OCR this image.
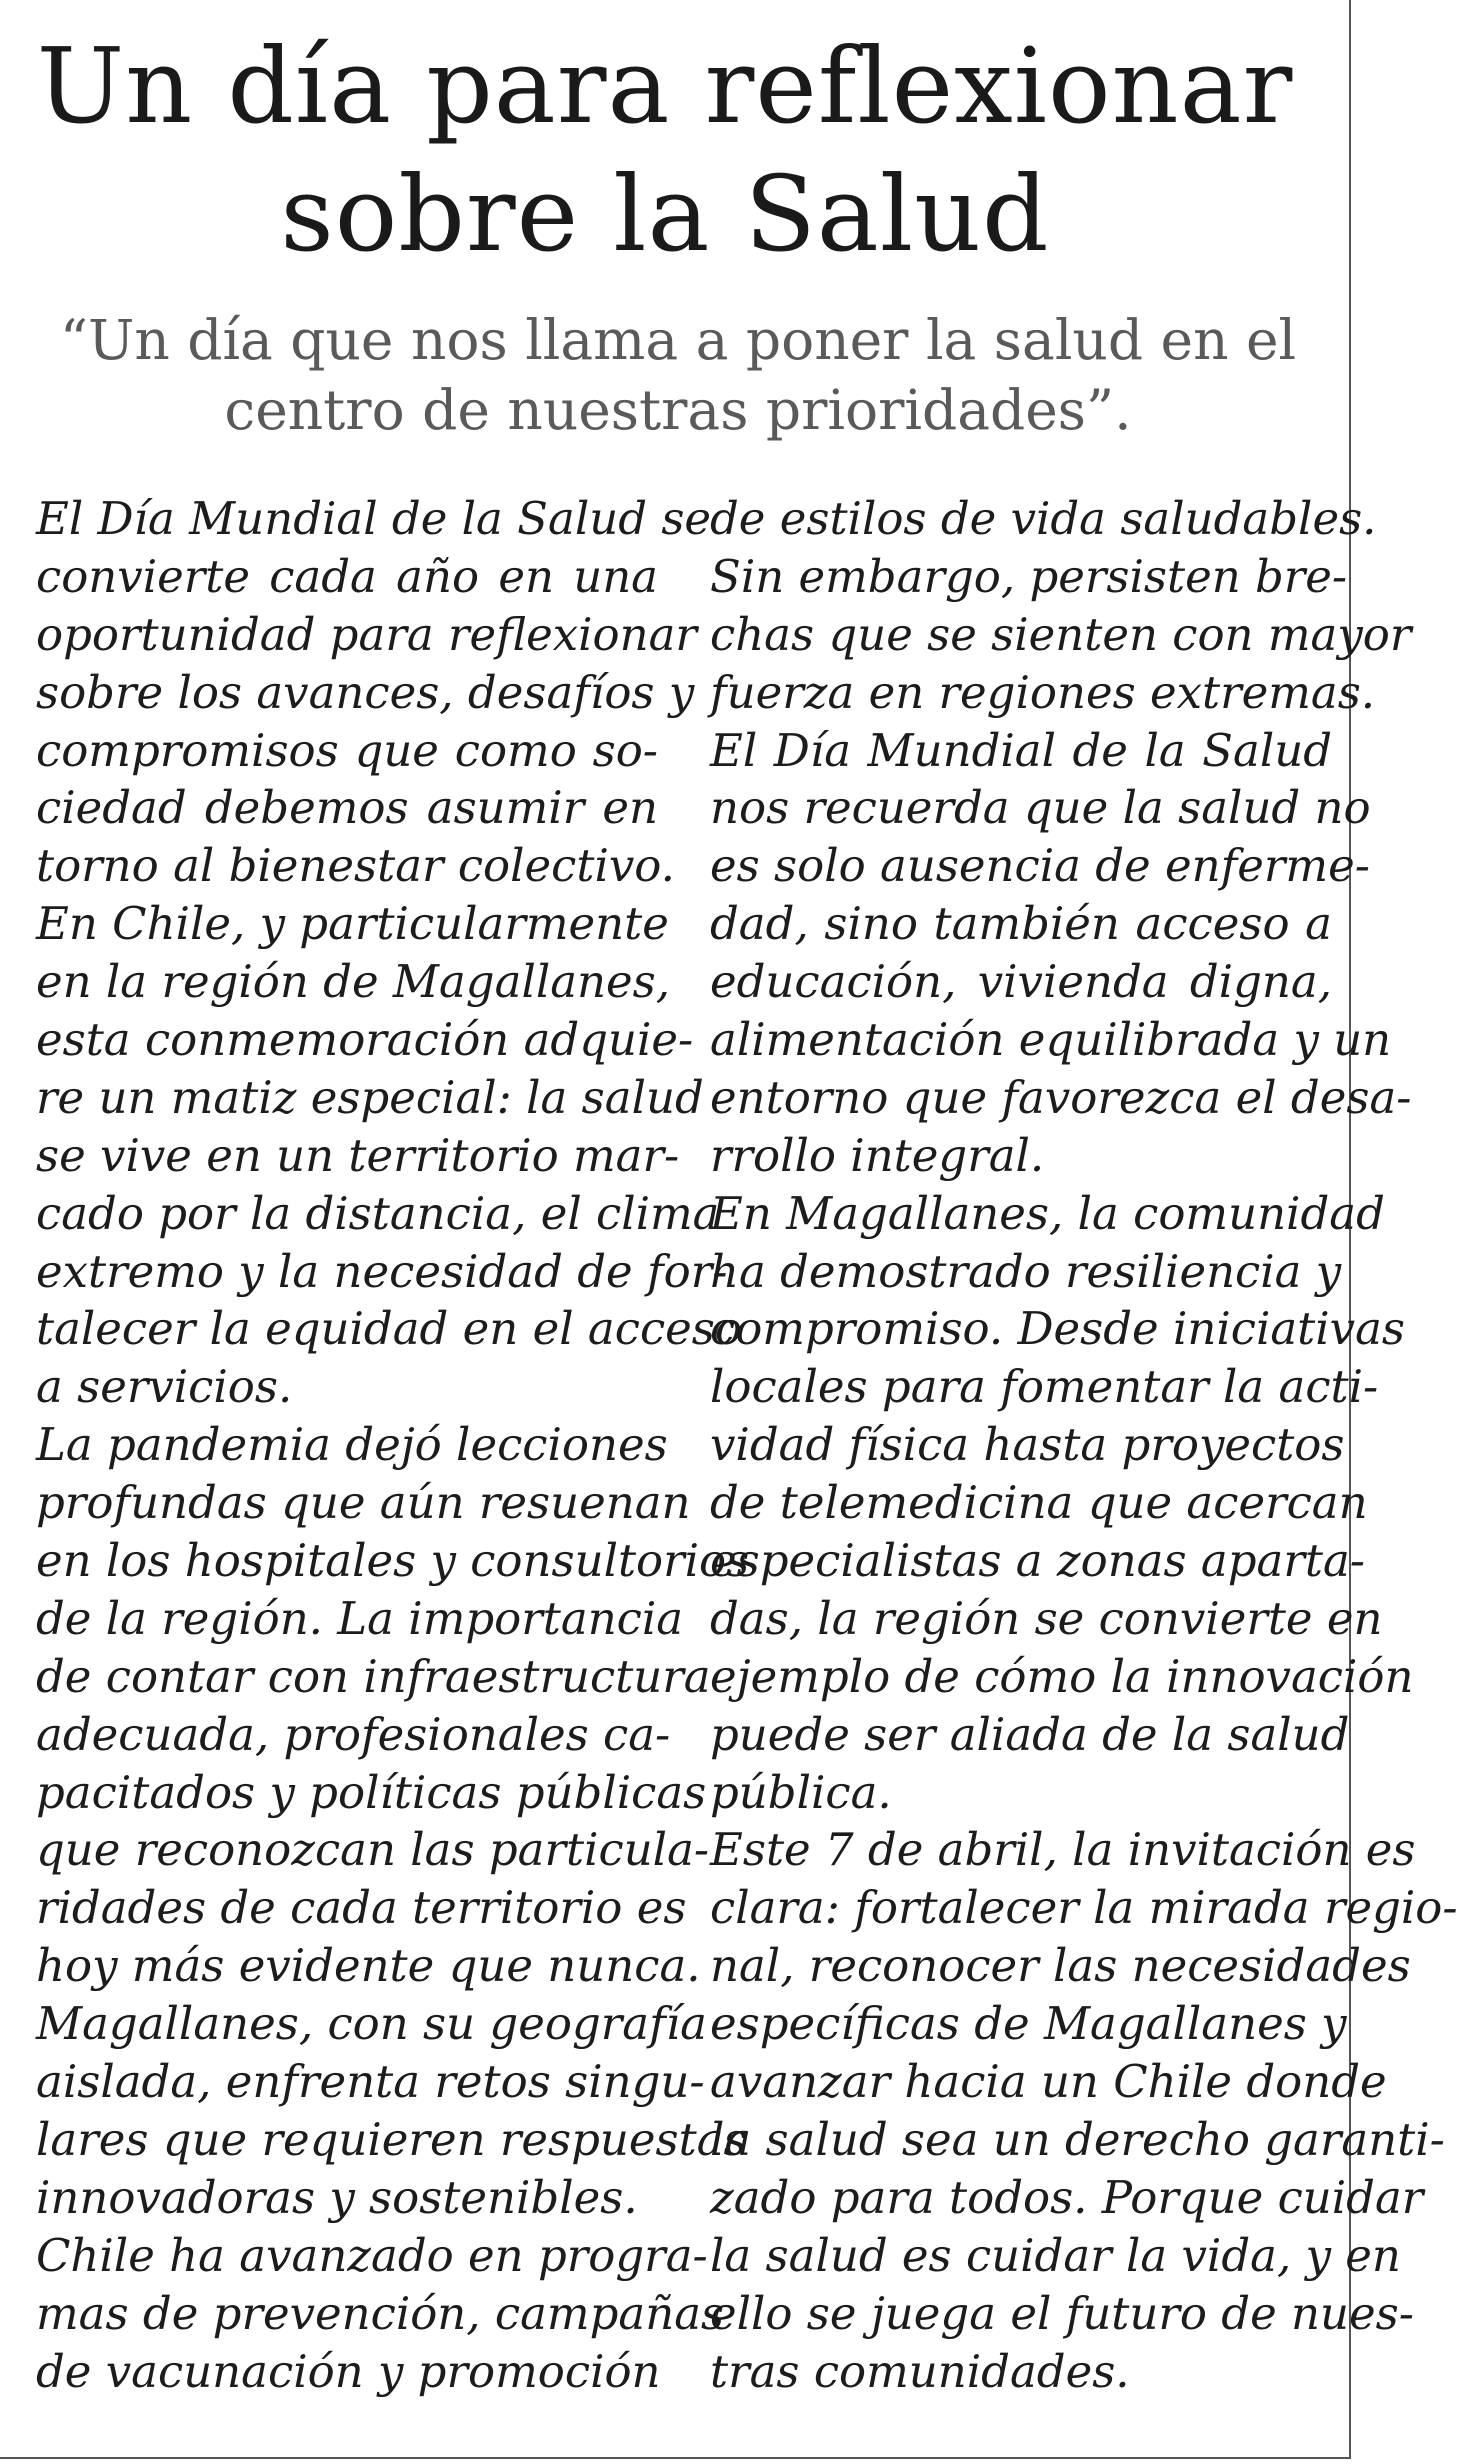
Un día para reflexionar
sobre la Salud

“Un día que nos llama a poner la salud en el
centro de nuestras prioridades”.

El Día Mundial de la Salud se
convierte cada año en una
oportunidad para reflexionar
sobre los avances, desafíos y
compromisos que como so-
ciedad debemos asumir en
torno al bienestar colectivo.
En Chile, y particularmente
en la región de Magallanes,
esta conmemoración adquie-
re un matiz especial: la salud
se vive en un territorio mar-
cado por la distancia, el clima
extremo y la necesidad de for-
talecer la equidad en el acceso
a servicios.
La pandemia dejó lecciones
profundas que aún resuenan
en los hospitales y consultorios
de la región. La importancia
de contar con infraestructura
adecuada, profesionales ca-
pacitados y políticas públicas
que reconozcan las particula-
ridades de cada territorio es
hoy más evidente que nunca.
Magallanes, con su geografía
aislada, enfrenta retos singu-
lares que requieren respuestas
innovadoras y sostenibles.
Chile ha avanzado en progra-
mas de prevención, campañas
de vacunación y promoción
de estilos de vida saludables.
Sin embargo, persisten bre-
chas que se sienten con mayor
fuerza en regiones extremas.
El Día Mundial de la Salud
nos recuerda que la salud no
es solo ausencia de enferme-
dad, sino también acceso a
educación, vivienda digna,
alimentación equilibrada y un
entorno que favorezca el desa-
rrollo integral.
En Magallanes, la comunidad
ha demostrado resiliencia y
compromiso. Desde iniciativas
locales para fomentar la acti-
vidad física hasta proyectos
de telemedicina que acercan
especialistas a zonas aparta-
das, la región se convierte en
ejemplo de cómo la innovación
puede ser aliada de la salud
pública.
Este 7 de abril, la invitación es
clara: fortalecer la mirada regio-
nal, reconocer las necesidades
específicas de Magallanes y
avanzar hacia un Chile donde
la salud sea un derecho garanti-
zado para todos. Porque cuidar
la salud es cuidar la vida, y en
ello se juega el futuro de nues-
tras comunidades.
